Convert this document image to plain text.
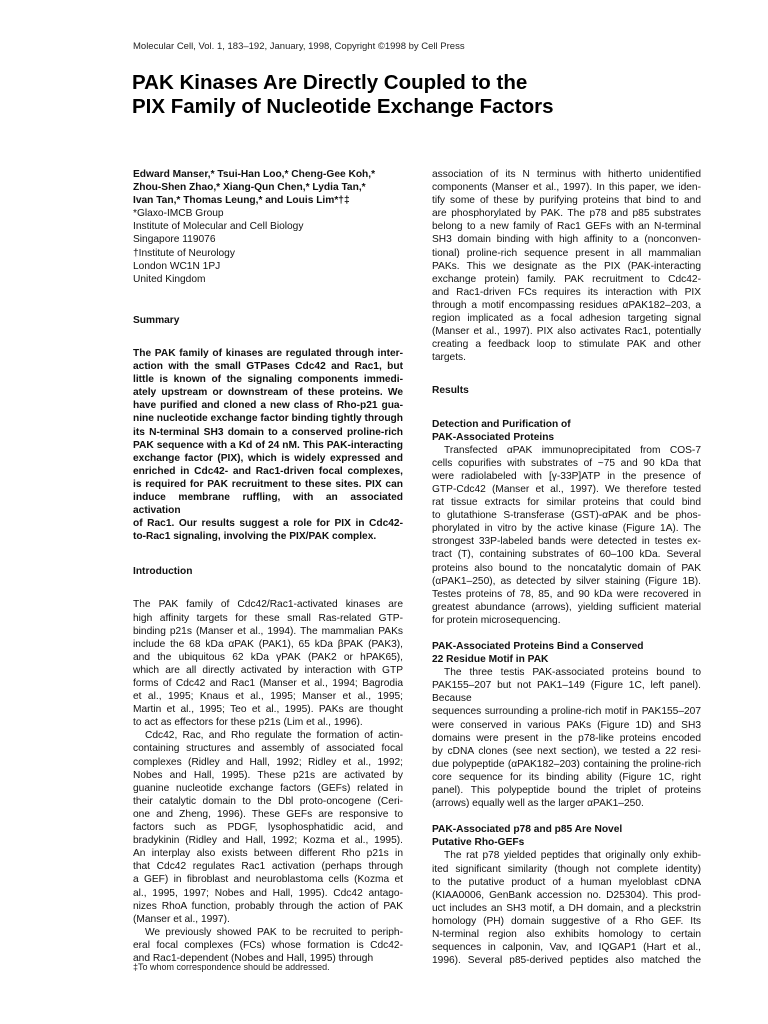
Molecular Cell, Vol. 1, 183–192, January, 1998, Copyright ©1998 by Cell Press
PAK Kinases Are Directly Coupled to the
PIX Family of Nucleotide Exchange Factors
Edward Manser,* Tsui-Han Loo,* Cheng-Gee Koh,*
Zhou-Shen Zhao,* Xiang-Qun Chen,* Lydia Tan,*
Ivan Tan,* Thomas Leung,* and Louis Lim*†‡
*Glaxo-IMCB Group
Institute of Molecular and Cell Biology
Singapore 119076
†Institute of Neurology
London WC1N 1PJ
United Kingdom
Summary
The PAK family of kinases are regulated through inter-
action with the small GTPases Cdc42 and Rac1, but
little is known of the signaling components immedi-
ately upstream or downstream of these proteins. We
have purified and cloned a new class of Rho-p21 gua-
nine nucleotide exchange factor binding tightly through
its N-terminal SH3 domain to a conserved proline-rich
PAK sequence with a Kd of 24 nM. This PAK-interacting
exchange factor (PIX), which is widely expressed and
enriched in Cdc42- and Rac1-driven focal complexes,
is required for PAK recruitment to these sites. PIX can
induce membrane ruffling, with an associated activation
of Rac1. Our results suggest a role for PIX in Cdc42-
to-Rac1 signaling, involving the PIX/PAK complex.
Introduction
The PAK family of Cdc42/Rac1-activated kinases are
high affinity targets for these small Ras-related GTP-
binding p21s (Manser et al., 1994). The mammalian PAKs
include the 68 kDa αPAK (PAK1), 65 kDa βPAK (PAK3),
and the ubiquitous 62 kDa γPAK (PAK2 or hPAK65),
which are all directly activated by interaction with GTP
forms of Cdc42 and Rac1 (Manser et al., 1994; Bagrodia
et al., 1995; Knaus et al., 1995; Manser et al., 1995;
Martin et al., 1995; Teo et al., 1995). PAKs are thought
to act as effectors for these p21s (Lim et al., 1996).
Cdc42, Rac, and Rho regulate the formation of actin-
containing structures and assembly of associated focal
complexes (Ridley and Hall, 1992; Ridley et al., 1992;
Nobes and Hall, 1995). These p21s are activated by
guanine nucleotide exchange factors (GEFs) related in
their catalytic domain to the Dbl proto-oncogene (Ceri-
one and Zheng, 1996). These GEFs are responsive to
factors such as PDGF, lysophosphatidic acid, and
bradykinin (Ridley and Hall, 1992; Kozma et al., 1995).
An interplay also exists between different Rho p21s in
that Cdc42 regulates Rac1 activation (perhaps through
a GEF) in fibroblast and neuroblastoma cells (Kozma et
al., 1995, 1997; Nobes and Hall, 1995). Cdc42 antago-
nizes RhoA function, probably through the action of PAK
(Manser et al., 1997).
We previously showed PAK to be recruited to periph-
eral focal complexes (FCs) whose formation is Cdc42-
and Rac1-dependent (Nobes and Hall, 1995) through
‡To whom correspondence should be addressed.
association of its N terminus with hitherto unidentified
components (Manser et al., 1997). In this paper, we iden-
tify some of these by purifying proteins that bind to and
are phosphorylated by PAK. The p78 and p85 substrates
belong to a new family of Rac1 GEFs with an N-terminal
SH3 domain binding with high affinity to a (nonconven-
tional) proline-rich sequence present in all mammalian
PAKs. This we designate as the PIX (PAK-interacting
exchange protein) family. PAK recruitment to Cdc42-
and Rac1-driven FCs requires its interaction with PIX
through a motif encompassing residues αPAK182–203, a
region implicated as a focal adhesion targeting signal
(Manser et al., 1997). PIX also activates Rac1, potentially
creating a feedback loop to stimulate PAK and other
targets.
Results
Detection and Purification of
PAK-Associated Proteins
Transfected αPAK immunoprecipitated from COS-7
cells copurifies with substrates of ~75 and 90 kDa that
were radiolabeled with [γ-33P]ATP in the presence of
GTP-Cdc42 (Manser et al., 1997). We therefore tested
rat tissue extracts for similar proteins that could bind
to glutathione S-transferase (GST)-αPAK and be phos-
phorylated in vitro by the active kinase (Figure 1A). The
strongest 33P-labeled bands were detected in testes ex-
tract (T), containing substrates of 60–100 kDa. Several
proteins also bound to the noncatalytic domain of PAK
(αPAK1–250), as detected by silver staining (Figure 1B).
Testes proteins of 78, 85, and 90 kDa were recovered in
greatest abundance (arrows), yielding sufficient material
for protein microsequencing.
PAK-Associated Proteins Bind a Conserved
22 Residue Motif in PAK
The three testis PAK-associated proteins bound to
PAK155–207 but not PAK1–149 (Figure 1C, left panel). Because
sequences surrounding a proline-rich motif in PAK155–207
were conserved in various PAKs (Figure 1D) and SH3
domains were present in the p78-like proteins encoded
by cDNA clones (see next section), we tested a 22 resi-
due polypeptide (αPAK182–203) containing the proline-rich
core sequence for its binding ability (Figure 1C, right
panel). This polypeptide bound the triplet of proteins
(arrows) equally well as the larger αPAK1–250.
PAK-Associated p78 and p85 Are Novel
Putative Rho-GEFs
The rat p78 yielded peptides that originally only exhib-
ited significant similarity (though not complete identity)
to the putative product of a human myeloblast cDNA
(KIAA0006, GenBank accession no. D25304). This prod-
uct includes an SH3 motif, a DH domain, and a pleckstrin
homology (PH) domain suggestive of a Rho GEF. Its
N-terminal region also exhibits homology to certain
sequences in calponin, Vav, and IQGAP1 (Hart et al.,
1996). Several p85-derived peptides also matched the
